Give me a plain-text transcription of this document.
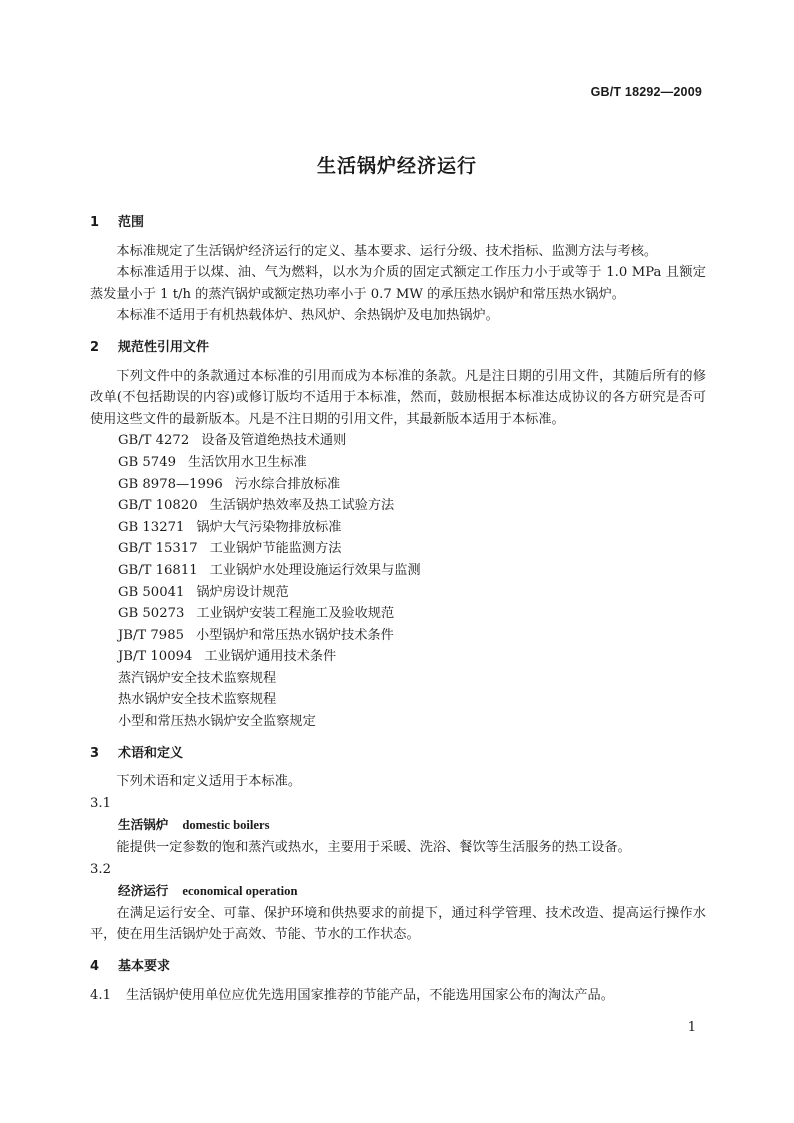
GB/T 18292—2009
生活锅炉经济运行

1 范围

本标准规定了生活锅炉经济运行的定义、基本要求、运行分级、技术指标、监测方法与考核。

本标准适用于以煤、油、气为燃料，以水为介质的固定式额定工作压力小于或等于 1.0 MPa 且额定蒸发量小于 1 t/h 的蒸汽锅炉或额定热功率小于 0.7 MW 的承压热水锅炉和常压热水锅炉。

本标准不适用于有机热载体炉、热风炉、余热锅炉及电加热锅炉。

2 规范性引用文件

下列文件中的条款通过本标准的引用而成为本标准的条款。凡是注日期的引用文件，其随后所有的修改单(不包括勘误的内容)或修订版均不适用于本标准，然而，鼓励根据本标准达成协议的各方研究是否可使用这些文件的最新版本。凡是不注日期的引用文件，其最新版本适用于本标准。

GB/T 4272 设备及管道绝热技术通则

GB 5749 生活饮用水卫生标准

GB 8978—1996 污水综合排放标准

GB/T 10820 生活锅炉热效率及热工试验方法

GB 13271 锅炉大气污染物排放标准

GB/T 15317 工业锅炉节能监测方法

GB/T 16811 工业锅炉水处理设施运行效果与监测

GB 50041 锅炉房设计规范

GB 50273 工业锅炉安装工程施工及验收规范

JB/T 7985 小型锅炉和常压热水锅炉技术条件

JB/T 10094 工业锅炉通用技术条件

蒸汽锅炉安全技术监察规程

热水锅炉安全技术监察规程

小型和常压热水锅炉安全监察规定

3 术语和定义

下列术语和定义适用于本标准。

3.1

生活锅炉 domestic boilers

能提供一定参数的饱和蒸汽或热水，主要用于采暖、洗浴、餐饮等生活服务的热工设备。

3.2

经济运行 economical operation

在满足运行安全、可靠、保护环境和供热要求的前提下，通过科学管理、技术改造、提高运行操作水平，使在用生活锅炉处于高效、节能、节水的工作状态。

4 基本要求

4.1 生活锅炉使用单位应优先选用国家推荐的节能产品，不能选用国家公布的淘汰产品。

1
